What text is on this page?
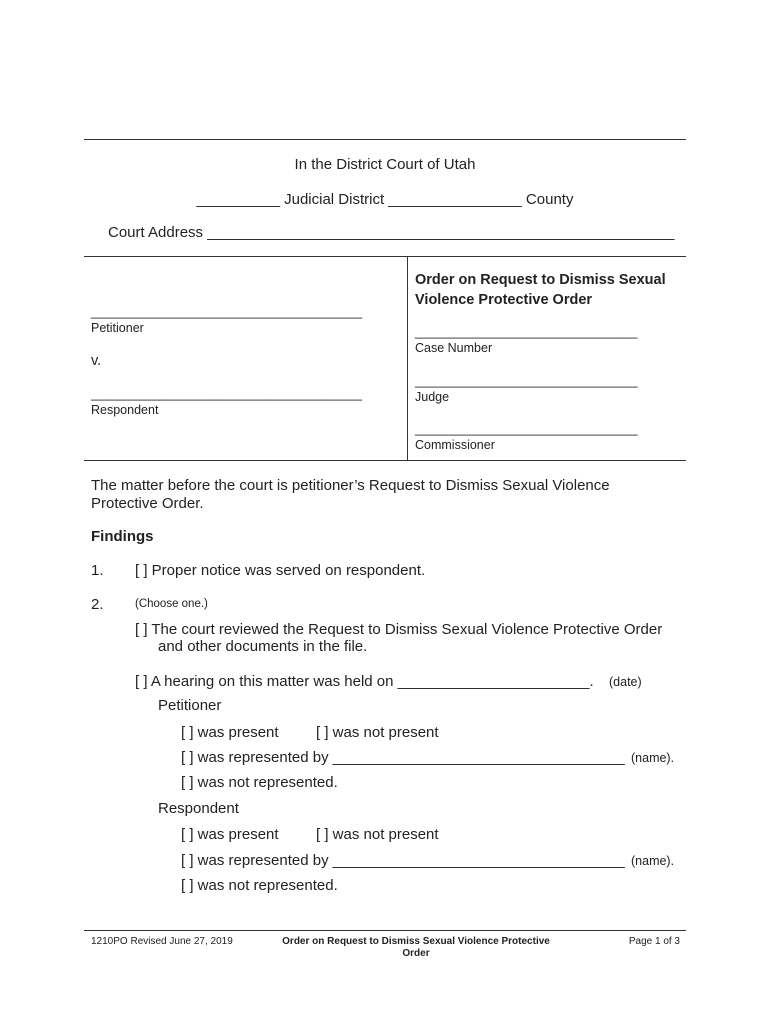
In the District Court of Utah
__________ Judicial District ________________ County
Court Address ________________________________________________________
_______________________________________
Petitioner
v.
_______________________________________
Respondent
Order on Request to Dismiss Sexual
Violence Protective Order
________________________________
Case Number
________________________________
Judge
________________________________
Commissioner
The matter before the court is petitioner’s Request to Dismiss Sexual Violence
Protective Order.
Findings
1. [ ] Proper notice was served on respondent.
2.	(Choose one.)
[ ] The court reviewed the Request to Dismiss Sexual Violence Protective Order
and other documents in the file.
[ ] A hearing on this matter was held on _______________________. (date)
Petitioner
[ ] was present [ ] was not present
[ ] was represented by ___________________________________ (name).
[ ] was not represented.
Respondent
[ ] was present [ ] was not present
[ ] was represented by ___________________________________ (name).
[ ] was not represented.
1210PO Revised June 27, 2019	Order on Request to Dismiss Sexual Violence Protective
Order
Page 1 of 3
